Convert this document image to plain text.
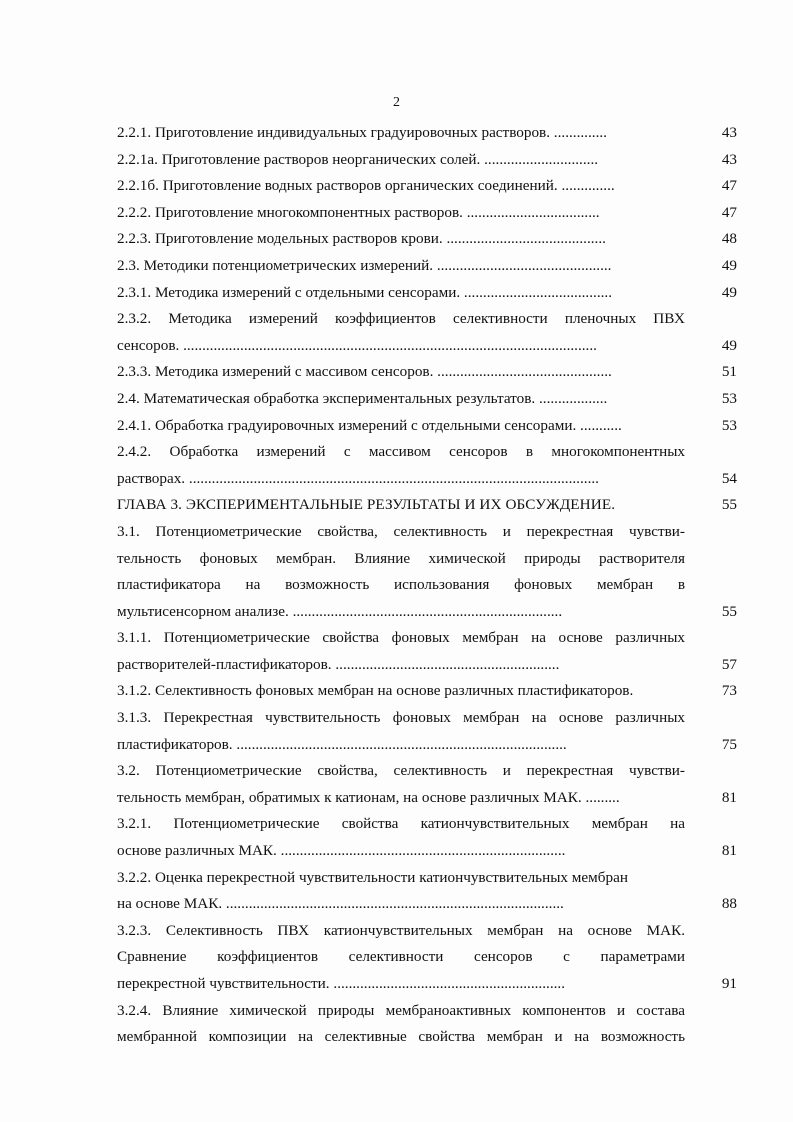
2
2.2.1. Приготовление индивидуальных градуировочных растворов. ..............	43
2.2.1а. Приготовление растворов неорганических солей. ..............................	43
2.2.1б. Приготовление водных растворов органических соединений. ..............	47
2.2.2. Приготовление многокомпонентных растворов. ...................................	47
2.2.3. Приготовление модельных растворов крови. ..........................................	48
2.3. Методики потенциометрических измерений. ..............................................	49
2.3.1. Методика измерений с отдельными сенсорами. .......................................	49
2.3.2. Методика измерений коэффициентов селективности пленочных ПВХ
сенсоров. .............................................................................................................	49
2.3.3. Методика измерений с массивом сенсоров. ..............................................	51
2.4. Математическая обработка экспериментальных результатов. ..................	53
2.4.1. Обработка градуировочных измерений с отдельными сенсорами. ...........	53
2.4.2. Обработка измерений с массивом сенсоров в многокомпонентных
растворах. ............................................................................................................	54
ГЛАВА 3. ЭКСПЕРИМЕНТАЛЬНЫЕ РЕЗУЛЬТАТЫ И ИХ ОБСУЖДЕНИЕ.	55
3.1. Потенциометрические свойства, селективность и перекрестная чувстви-
тельность фоновых мембран. Влияние химической природы растворителя
пластификатора на возможность использования фоновых мембран в
мультисенсорном анализе. .......................................................................	55
3.1.1. Потенциометрические свойства фоновых мембран на основе различных
растворителей-пластификаторов. ...........................................................	57
3.1.2. Селективность фоновых мембран на основе различных пластификаторов.	73
3.1.3. Перекрестная чувствительность фоновых мембран на основе различных
пластификаторов. .......................................................................................	75
3.2. Потенциометрические свойства, селективность и перекрестная чувстви-
тельность мембран, обратимых к катионам, на основе различных МАК. .........	81
3.2.1. Потенциометрические свойства катиончувствительных мембран на
основе различных МАК. ...........................................................................	81
3.2.2. Оценка перекрестной чувствительности катиончувствительных мембран
на основе МАК. .........................................................................................	88
3.2.3. Селективность ПВХ катиончувствительных мембран на основе МАК.
Сравнение коэффициентов селективности сенсоров с параметрами
перекрестной чувствительности. .............................................................	91
3.2.4. Влияние химической природы мембраноактивных компонентов и состава
мембранной композиции на селективные свойства мембран и на возможность
